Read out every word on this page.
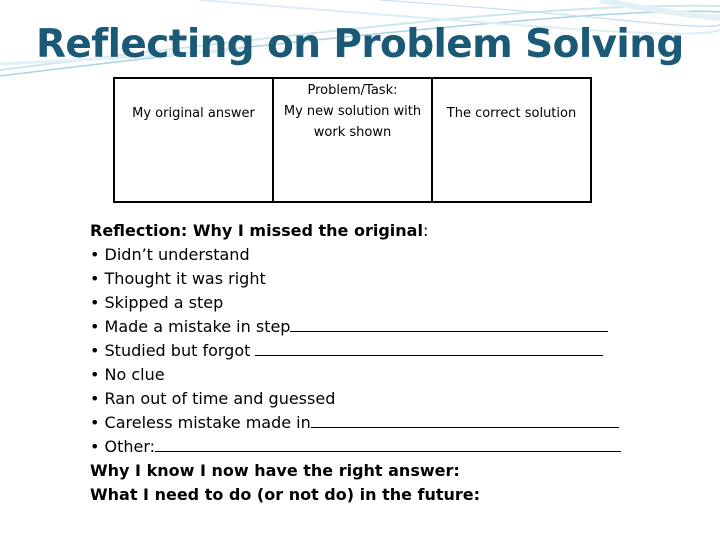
Reflecting on Problem Solving
My original answer
Problem/Task:
My new solution with
work shown
The correct solution
Reflection: Why I missed the original:
• Didn’t understand
• Thought it was right
• Skipped a step
• Made a mistake in step
• Studied but forgot
• No clue
• Ran out of time and guessed
• Careless mistake made in
• Other:
Why I know I now have the right answer:
What I need to do (or not do) in the future:
